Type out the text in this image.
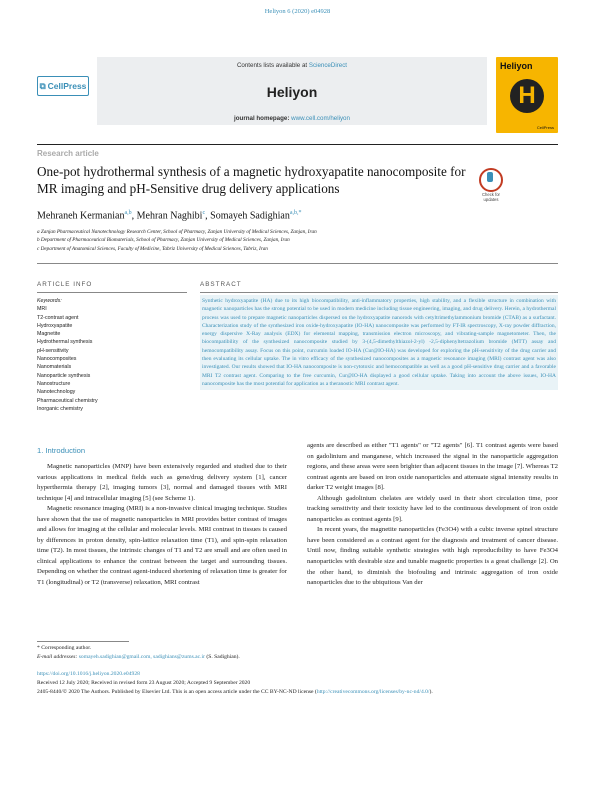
Heliyon 6 (2020) e04928
⧉ CellPress
Contents lists available at ScienceDirect
Heliyon
journal homepage: www.cell.com/heliyon
Heliyon
H
CellPress
Research article
One-pot hydrothermal synthesis of a magnetic hydroxyapatite nanocomposite for MR imaging and pH-Sensitive drug delivery applications	Check for updates
Mehraneh Kermanian$^{a,b}$, Mehran Naghibi$^c$, Somayeh Sadighian$^{a,b,*}$
a Zanjan Pharmaceutical Nanotechnology Research Center, School of Pharmacy, Zanjan University of Medical Sciences, Zanjan, Iran
b Department of Pharmaceutical Biomaterials, School of Pharmacy, Zanjan University of Medical Sciences, Zanjan, Iran
c Department of Anatomical Sciences, Faculty of Medicine, Tabriz University of Medical Sciences, Tabriz, Iran
ARTICLE INFO	ABSTRACT
Keywords:
MRI
T2-contrast agent
Hydroxyapatite
Magnetite
Hydrothermal synthesis
pH-sensitivity
Nanocomposites
Nanomaterials
Nanoparticle synthesis
Nanostructure
Nanotechnology
Pharmaceutical chemistry
Inorganic chemistry

Synthetic hydroxyapatite (HA) due to its high biocompatibility, anti-inflammatory properties, high stability, and a flexible structure in combination with magnetic nanoparticles has the strong potential to be used in modern medicine including tissue engineering, imaging, and drug delivery. Herein, a hydrothermal process was used to prepare magnetic nanoparticles dispersed on the hydroxyapatite nanorods with cetyltrimethylammonium bromide (CTAB) as a surfactant. Characterization study of the synthesized iron oxide-hydroxyapatite (IO-HA) nanocomposite was performed by FT-IR spectroscopy, X-ray powder diffraction, energy dispersive X-Ray analysis (EDX) for elemental mapping, transmission electron microscopy, and vibrating-sample magnetometer. Then, the biocompatibility of the synthesized nanocomposite studied by 3-(4,5-dimethylthiazol-2-yl) -2,5-diphenyltetrazolium bromide (MTT) assay and hemocompatibility assay. Focus on this point, curcumin loaded IO-HA (Cur@IO-HA) was developed for exploring the pH-sensitivity of the drug carrier and then evaluating its cellular uptake. The in vitro efficacy of the synthesized nanocomposites as a magnetic resonance imaging (MRI) contrast agent was also investigated. Our results showed that IO-HA nanocomposite is non-cytotoxic and hemocompatible as well as a good pH-sensitive drug carrier and a favorable MRI T2 contrast agent. Comparing to the free curcumin, Cur@IO-HA displayed a good cellular uptake. Taking into account the above issues, IO-HA nanocomposite has the most potential for application as a theranostic MRI contrast agent.

1. Introduction

Magnetic nanoparticles (MNP) have been extensively regarded and studied due to their various applications in medical fields such as gene/drug delivery system [1], cancer hyperthermia therapy [2], imaging tumors [3], normal and damaged tissues with MRI technique [4] and intracellular imaging [5] (see Scheme 1).

Magnetic resonance imaging (MRI) is a non-invasive clinical imaging technique. Studies have shown that the use of magnetic nanoparticles in MRI provides better contrast of images and allows for imaging at the cellular and molecular levels. MRI contrast in tissues is caused by differences in proton density, spin-lattice relaxation time (T1), and spin-spin relaxation time (T2). In most tissues, the intrinsic changes of T1 and T2 are small and are often used in clinical applications to enhance the contrast between the target and surrounding tissues. Depending on whether the contrast agent-induced shortening of relaxation time is greater for T1 (longitudinal) or T2 (transverse) relaxation, MRI contrast

agents are described as either "T1 agents" or "T2 agents" [6]. T1 contrast agents were based on gadolinium and manganese, which increased the signal in the nanoparticle aggregation regions, and these areas were seen brighter than adjacent tissues in the image [7]. Whereas T2 contrast agents are based on iron oxide nanoparticles and attenuate signal intensity results in darker T2 weight images [8].

Although gadolinium chelates are widely used in their short circulation time, poor tracking sensitivity and their toxicity have led to the continuous development of iron oxide nanoparticles as contrast agents [9].

In recent years, the magnetite nanoparticles (Fe3O4) with a cubic inverse spinel structure have been considered as a contrast agent for the diagnosis and treatment of cancer disease. Until now, finding suitable synthetic strategies with high reproducibility to have Fe3O4 nanoparticles with desirable size and tunable magnetic properties is a great challenge [2]. On the other hand, to diminish the biofouling and intrinsic aggregation of iron oxide nanoparticles due to the ubiquitous Van der

* Corresponding author.
E-mail addresses: somayeh.sadighian@gmail.com, sadighians@zums.ac.ir (S. Sadighian).
https://doi.org/10.1016/j.heliyon.2020.e04928
Received 12 July 2020; Received in revised form 23 August 2020; Accepted 9 September 2020
2405-8440/© 2020 The Authors. Published by Elsevier Ltd. This is an open access article under the CC BY-NC-ND license (http://creativecommons.org/licenses/by-nc-nd/4.0/).
